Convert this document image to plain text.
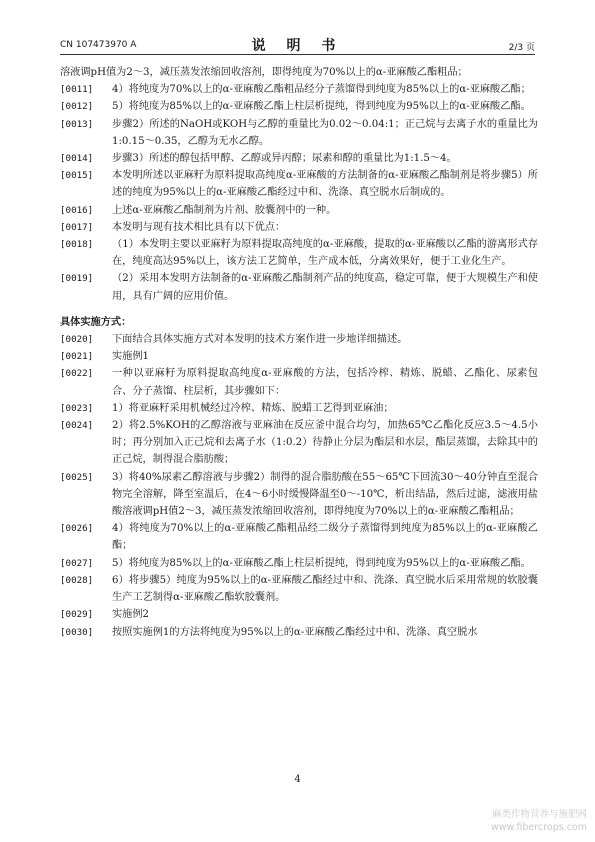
CN 107473970 A	说 明 书	2/3 页
溶液调pH值为2～3，减压蒸发浓缩回收溶剂，即得纯度为70%以上的α-亚麻酸乙酯粗品；
[0011]	4）将纯度为70%以上的α-亚麻酸乙酯粗品经分子蒸馏得到纯度为85%以上的α-亚麻酸乙酯；
[0012]	5）将纯度为85%以上的α-亚麻酸乙酯上柱层析提纯，得到纯度为95%以上的α-亚麻酸乙酯。
[0013]	步骤2）所述的NaOH或KOH与乙醇的重量比为0.02～0.04:1；正己烷与去离子水的重量比为1:0.15～0.35，乙醇为无水乙醇。
[0014]	步骤3）所述的醇包括甲醇、乙醇或异丙醇；尿素和醇的重量比为1:1.5～4。
[0015]	本发明所述以亚麻籽为原料提取高纯度α-亚麻酸的方法制备的α-亚麻酸乙酯制剂是将步骤5）所述的纯度为95%以上的α-亚麻酸乙酯经过中和、洗涤、真空脱水后制成的。
[0016]	上述α-亚麻酸乙酯制剂为片剂、胶囊剂中的一种。
[0017]	本发明与现有技术相比具有以下优点：
[0018]	（1）本发明主要以亚麻籽为原料提取高纯度的α-亚麻酸，提取的α-亚麻酸以乙酯的游离形式存在，纯度高达95%以上，该方法工艺简单，生产成本低，分离效果好，便于工业化生产。
[0019]	（2）采用本发明方法制备的α-亚麻酸乙酯制剂产品的纯度高，稳定可靠，便于大规模生产和使用，具有广阔的应用价值。
具体实施方式：
[0020]	下面结合具体实施方式对本发明的技术方案作进一步地详细描述。
[0021]	实施例1
[0022]	一种以亚麻籽为原料提取高纯度α-亚麻酸的方法，包括冷榨、精炼、脱蜡、乙酯化、尿素包合、分子蒸馏、柱层析，其步骤如下：
[0023]	1）将亚麻籽采用机械经过冷榨、精炼、脱蜡工艺得到亚麻油；
[0024]	2）将2.5%KOH的乙醇溶液与亚麻油在反应釜中混合均匀，加热65℃乙酯化反应3.5～4.5小时；再分别加入正己烷和去离子水（1:0.2）待静止分层为酯层和水层，酯层蒸馏，去除其中的正己烷，制得混合脂肪酸；
[0025]	3）将40%尿素乙醇溶液与步骤2）制得的混合脂肪酸在55～65℃下回流30～40分钟直至混合物完全溶解，降至室温后，在4～6小时缓慢降温至0～-10℃，析出结晶，然后过滤，滤液用盐酸溶液调pH值2～3，减压蒸发浓缩回收溶剂，即得纯度为70%以上的α-亚麻酸乙酯粗品；
[0026]	4）将纯度为70%以上的α-亚麻酸乙酯粗品经二级分子蒸馏得到纯度为85%以上的α-亚麻酸乙酯；
[0027]	5）将纯度为85%以上的α-亚麻酸乙酯上柱层析提纯，得到纯度为95%以上的α-亚麻酸乙酯。
[0028]	6）将步骤5）纯度为95%以上的α-亚麻酸乙酯经过中和、洗涤、真空脱水后采用常规的软胶囊生产工艺制得α-亚麻酸乙酯软胶囊剂。
[0029]	实施例2
[0030]	按照实施例1的方法将纯度为95%以上的α-亚麻酸乙酯经过中和、洗涤、真空脱水
4
麻类作物营养与施肥网
www.fibercrops.com
